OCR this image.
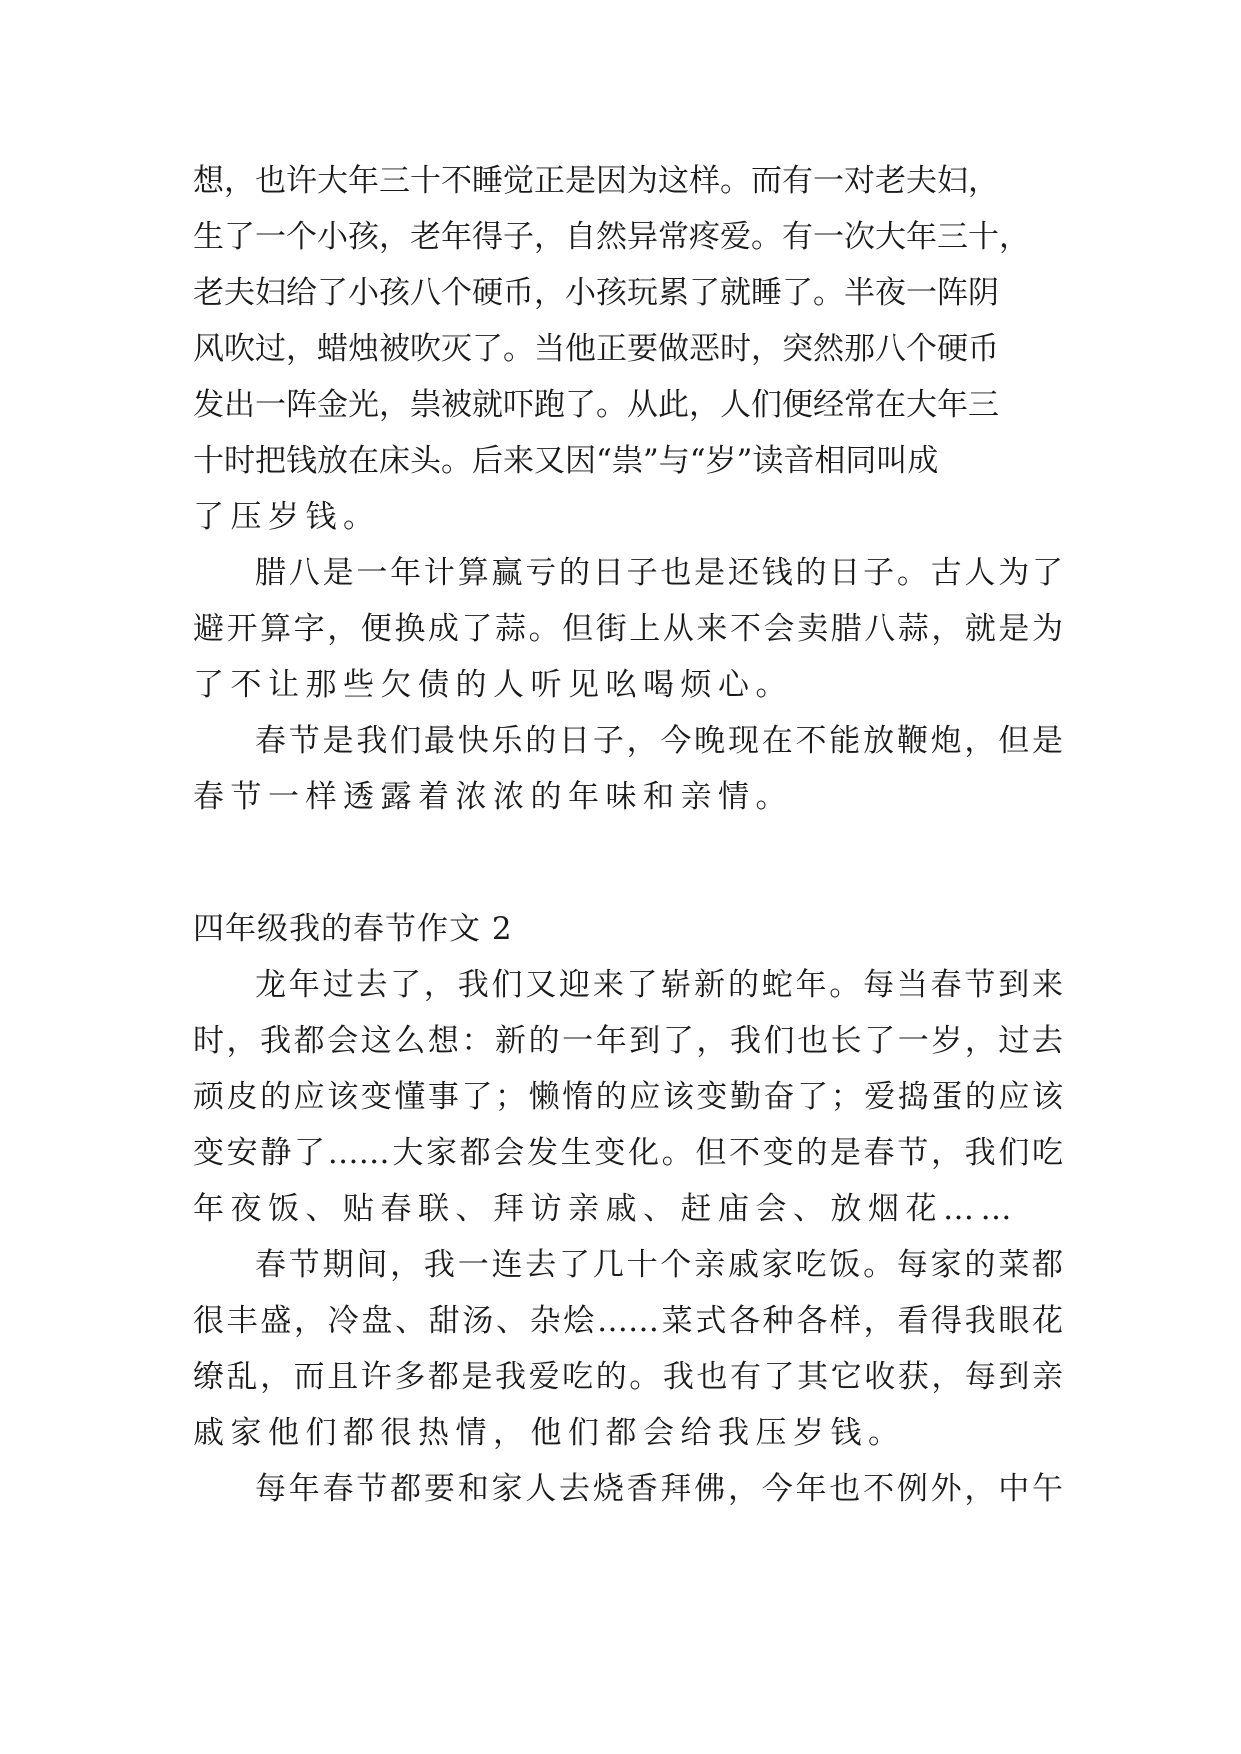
想，也许大年三十不睡觉正是因为这样。而有一对老夫妇，
生了一个小孩，老年得子，自然异常疼爱。有一次大年三十，
老夫妇给了小孩八个硬币，小孩玩累了就睡了。半夜一阵阴
风吹过，蜡烛被吹灭了。当他正要做恶时，突然那八个硬币
发出一阵金光，祟被就吓跑了。从此，人们便经常在大年三
十时把钱放在床头。后来又因“祟”与“岁”读音相同叫成
了压岁钱。
腊八是一年计算赢亏的日子也是还钱的日子。古人为了
避开算字，便换成了蒜。但街上从来不会卖腊八蒜，就是为
了不让那些欠债的人听见吆喝烦心。
春节是我们最快乐的日子，今晚现在不能放鞭炮，但是
春节一样透露着浓浓的年味和亲情。
四年级我的春节作文 2
龙年过去了，我们又迎来了崭新的蛇年。每当春节到来
时，我都会这么想：新的一年到了，我们也长了一岁，过去
顽皮的应该变懂事了；懒惰的应该变勤奋了；爱捣蛋的应该
变安静了……大家都会发生变化。但不变的是春节，我们吃
年夜饭、贴春联、拜访亲戚、赶庙会、放烟花……
春节期间，我一连去了几十个亲戚家吃饭。每家的菜都
很丰盛，冷盘、甜汤、杂烩……菜式各种各样，看得我眼花
缭乱，而且许多都是我爱吃的。我也有了其它收获，每到亲
戚家他们都很热情，他们都会给我压岁钱。
每年春节都要和家人去烧香拜佛，今年也不例外，中午
